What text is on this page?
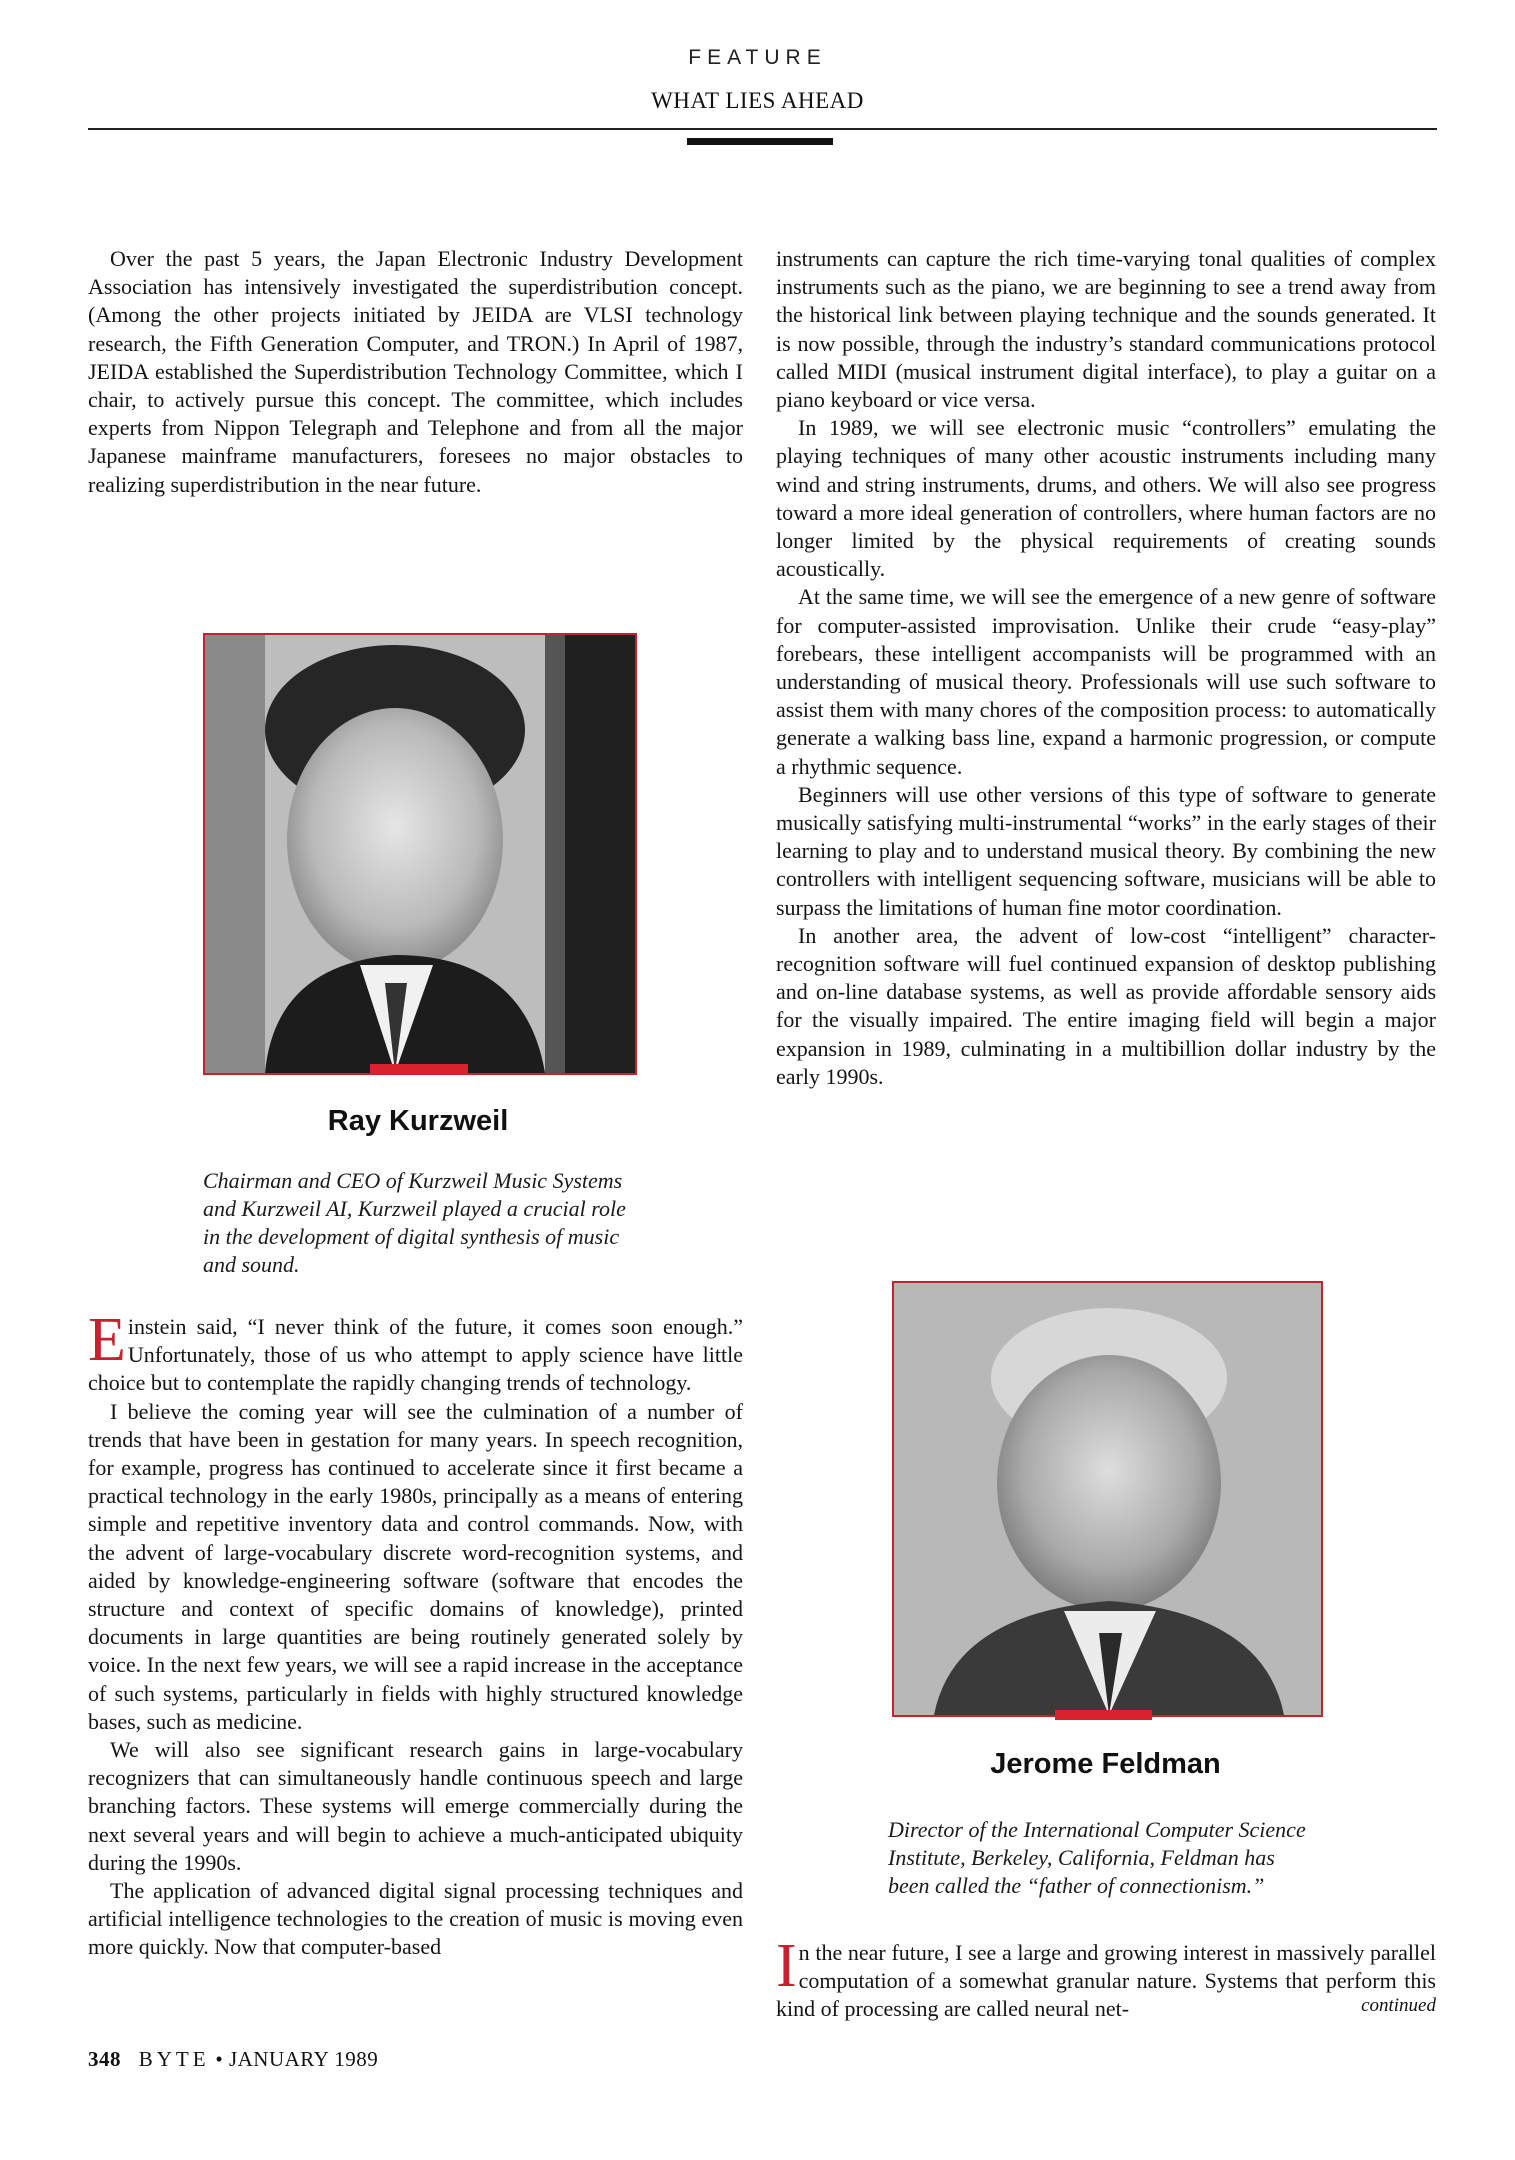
FEATURE
WHAT LIES AHEAD

Over the past 5 years, the Japan Electronic Industry Development Association has intensively investigated the superdistribution concept. (Among the other projects initiated by JEIDA are VLSI technology research, the Fifth Generation Computer, and TRON.) In April of 1987, JEIDA established the Superdistribution Technology Committee, which I chair, to actively pursue this concept. The committee, which includes experts from Nippon Telegraph and Telephone and from all the major Japanese mainframe manufacturers, foresees no major obstacles to realizing superdistribution in the near future.

Ray Kurzweil
Chairman and CEO of Kurzweil Music Systems and Kurzweil AI, Kurzweil played a crucial role in the development of digital synthesis of music and sound.

Einstein said, “I never think of the future, it comes soon enough.” Unfortunately, those of us who attempt to apply science have little choice but to contemplate the rapidly changing trends of technology.

I believe the coming year will see the culmination of a number of trends that have been in gestation for many years. In speech recognition, for example, progress has continued to accelerate since it first became a practical technology in the early 1980s, principally as a means of entering simple and repetitive inventory data and control commands. Now, with the advent of large-vocabulary discrete word-recognition systems, and aided by knowledge-engineering software (software that encodes the structure and context of specific domains of knowledge), printed documents in large quantities are being routinely generated solely by voice. In the next few years, we will see a rapid increase in the acceptance of such systems, particularly in fields with highly structured knowledge bases, such as medicine.

We will also see significant research gains in large-vocabulary recognizers that can simultaneously handle continuous speech and large branching factors. These systems will emerge commercially during the next several years and will begin to achieve a much-anticipated ubiquity during the 1990s.

The application of advanced digital signal processing techniques and artificial intelligence technologies to the creation of music is moving even more quickly. Now that computer-based

instruments can capture the rich time-varying tonal qualities of complex instruments such as the piano, we are beginning to see a trend away from the historical link between playing technique and the sounds generated. It is now possible, through the industry’s standard communications protocol called MIDI (musical instrument digital interface), to play a guitar on a piano keyboard or vice versa.

In 1989, we will see electronic music “controllers” emulating the playing techniques of many other acoustic instruments including many wind and string instruments, drums, and others. We will also see progress toward a more ideal generation of controllers, where human factors are no longer limited by the physical requirements of creating sounds acoustically.

At the same time, we will see the emergence of a new genre of software for computer-assisted improvisation. Unlike their crude “easy-play” forebears, these intelligent accompanists will be programmed with an understanding of musical theory. Professionals will use such software to assist them with many chores of the composition process: to automatically generate a walking bass line, expand a harmonic progression, or compute a rhythmic sequence.

Beginners will use other versions of this type of software to generate musically satisfying multi-instrumental “works” in the early stages of their learning to play and to understand musical theory. By combining the new controllers with intelligent sequencing software, musicians will be able to surpass the limitations of human fine motor coordination.

In another area, the advent of low-cost “intelligent” character-recognition software will fuel continued expansion of desktop publishing and on-line database systems, as well as provide affordable sensory aids for the visually impaired. The entire imaging field will begin a major expansion in 1989, culminating in a multibillion dollar industry by the early 1990s.

Jerome Feldman
Director of the International Computer Science Institute, Berkeley, California, Feldman has been called the “father of connectionism.”

In the near future, I see a large and growing interest in massively parallel computation of a somewhat granular nature. Systems that perform this kind of processing are called neural net-	continued
348 BYTE • JANUARY 1989
